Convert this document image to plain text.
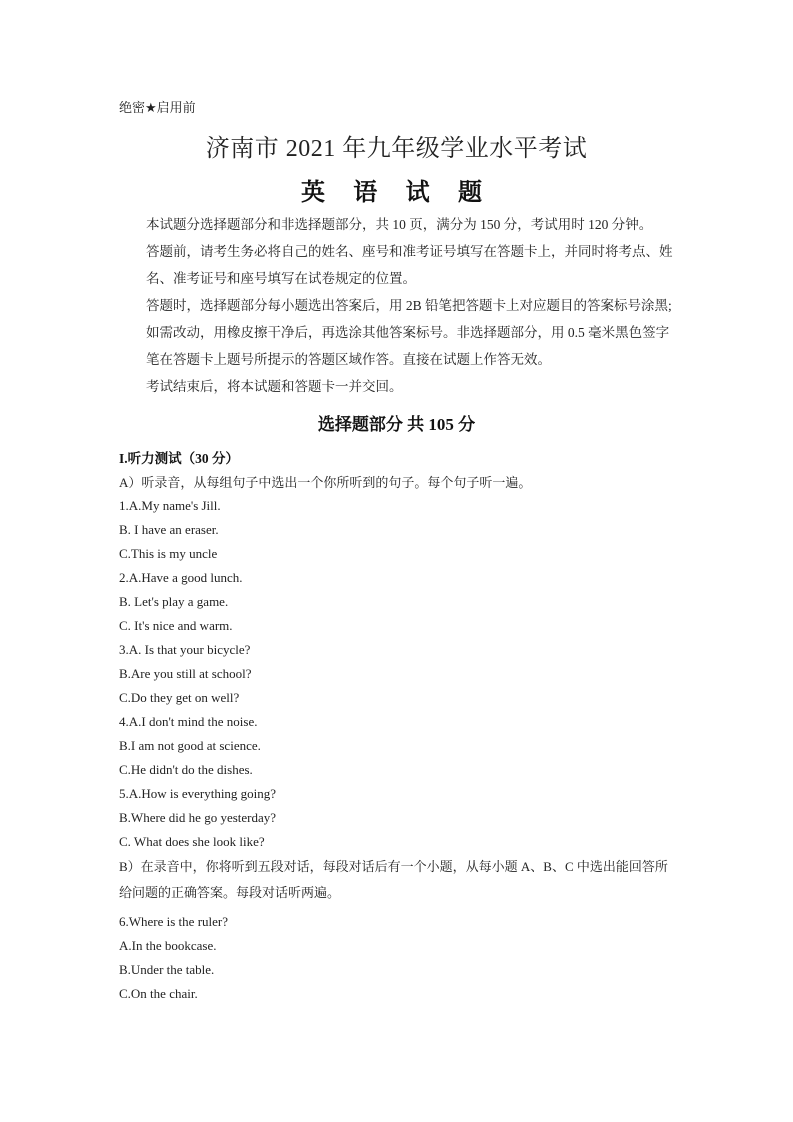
绝密★启用前
济南市 2021 年九年级学业水平考试
英 语 试 题
本试题分选择题部分和非选择题部分，共 10 页，满分为 150 分，考试用时 120 分钟。
答题前，请考生务必将自己的姓名、座号和准考证号填写在答题卡上，并同时将考点、姓名、准考证号和座号填写在试卷规定的位置。
答题时，选择题部分每小题选出答案后，用 2B 铅笔把答题卡上对应题目的答案标号涂黑;如需改动，用橡皮擦干净后，再选涂其他答案标号。非选择题部分，用 0.5 毫米黑色签字笔在答题卡上题号所提示的答题区域作答。直接在试题上作答无效。
考试结束后，将本试题和答题卡一并交回。
选择题部分 共 105 分
I.听力测试（30 分）
A）听录音，从每组句子中选出一个你所听到的句子。每个句子听一遍。
1.A.My name's Jill.
B. I have an eraser.
C.This is my uncle
2.A.Have a good lunch.
B. Let's play a game.
C. It's nice and warm.
3.A. Is that your bicycle?
B.Are you still at school?
C.Do they get on well?
4.A.I don't mind the noise.
B.I am not good at science.
C.He didn't do the dishes.
5.A.How is everything going?
B.Where did he go yesterday?
C. What does she look like?
B）在录音中，你将听到五段对话，每段对话后有一个小题，从每小题 A、B、C 中选出能回答所给问题的正确答案。每段对话听两遍。
6.Where is the ruler?
A.In the bookcase.
B.Under the table.
C.On the chair.
